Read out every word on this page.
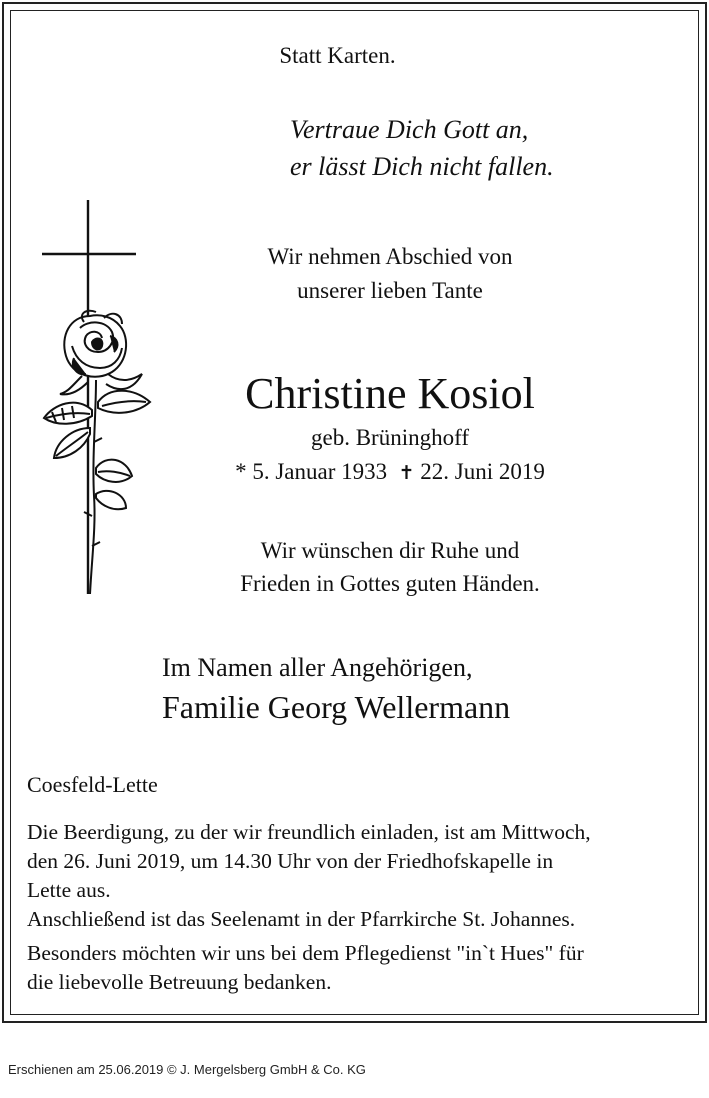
Statt Karten.

Vertraue Dich Gott an,

er lässt Dich nicht fallen.

Wir nehmen Abschied von

unserer lieben Tante

Christine Kosiol

geb. Brüninghoff

* 5. Januar 1933 ✝ 22. Juni 2019

Wir wünschen dir Ruhe und

Frieden in Gottes guten Händen.

Im Namen aller Angehörigen,

Familie Georg Wellermann

Coesfeld-Lette

Die Beerdigung, zu der wir freundlich einladen, ist am Mittwoch,
den 26. Juni 2019, um 14.30 Uhr von der Friedhofskapelle in
Lette aus.
Anschließend ist das Seelenamt in der Pfarrkirche St. Johannes.
Besonders möchten wir uns bei dem Pflegedienst "in`t Hues" für
die liebevolle Betreuung bedanken.

Erschienen am 25.06.2019 © J. Mergelsberg GmbH & Co. KG
